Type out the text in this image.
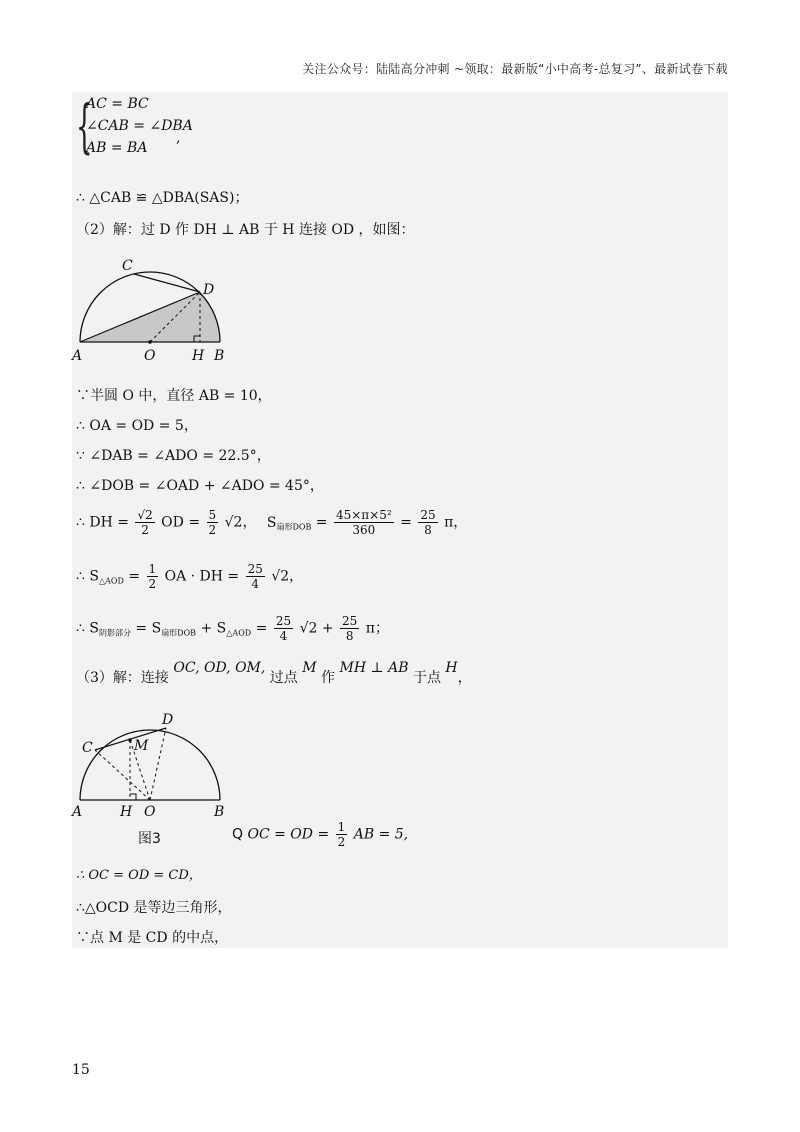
关注公众号：陆陆高分冲刺 ~领取：最新版“小中高考-总复习”、最新试卷下载
{
AC = BC
∠CAB = ∠DBA
AB = BA
,
∴ △CAB ≌ △DBA(SAS)；
（2）解：过 D 作 DH ⊥ AB 于 H 连接 OD ，如图：
C
D
A	O	H B
∵半圆 O 中，直径 AB = 10，
∴ OA = OD = 5，
∵ ∠DAB = ∠ADO = 22.5°，
∴ ∠DOB = ∠OAD + ∠ADO = 45°，
∴ DH = $\frac{√2}{2}$ OD = $\frac{5}{2} √2$， $S_{扇形DOB} = \frac{\text{45×π×5²}}{360} = \frac{25}{8}$ π，
∴ $S_{\triangle AOD} = \frac{1}{2}$ OA · DH = $\frac{25}{4} √2$，
∴ $S_{阴影部分} = S_{扇形DOB} + S_{\triangle AOD} = \frac{25}{4} √2 + \frac{25}{8}$ π；
（3）解：连接 OC, OD, OM, 过点 M 作 MH ⊥ AB 于点 H，
D
C	M
A	H O	B
图3	Q OC = OD = $\frac{1}{2}$ AB = 5,
∴ OC = OD = CD，
∴△OCD 是等边三角形，
∵点 M 是 CD 的中点，
15
